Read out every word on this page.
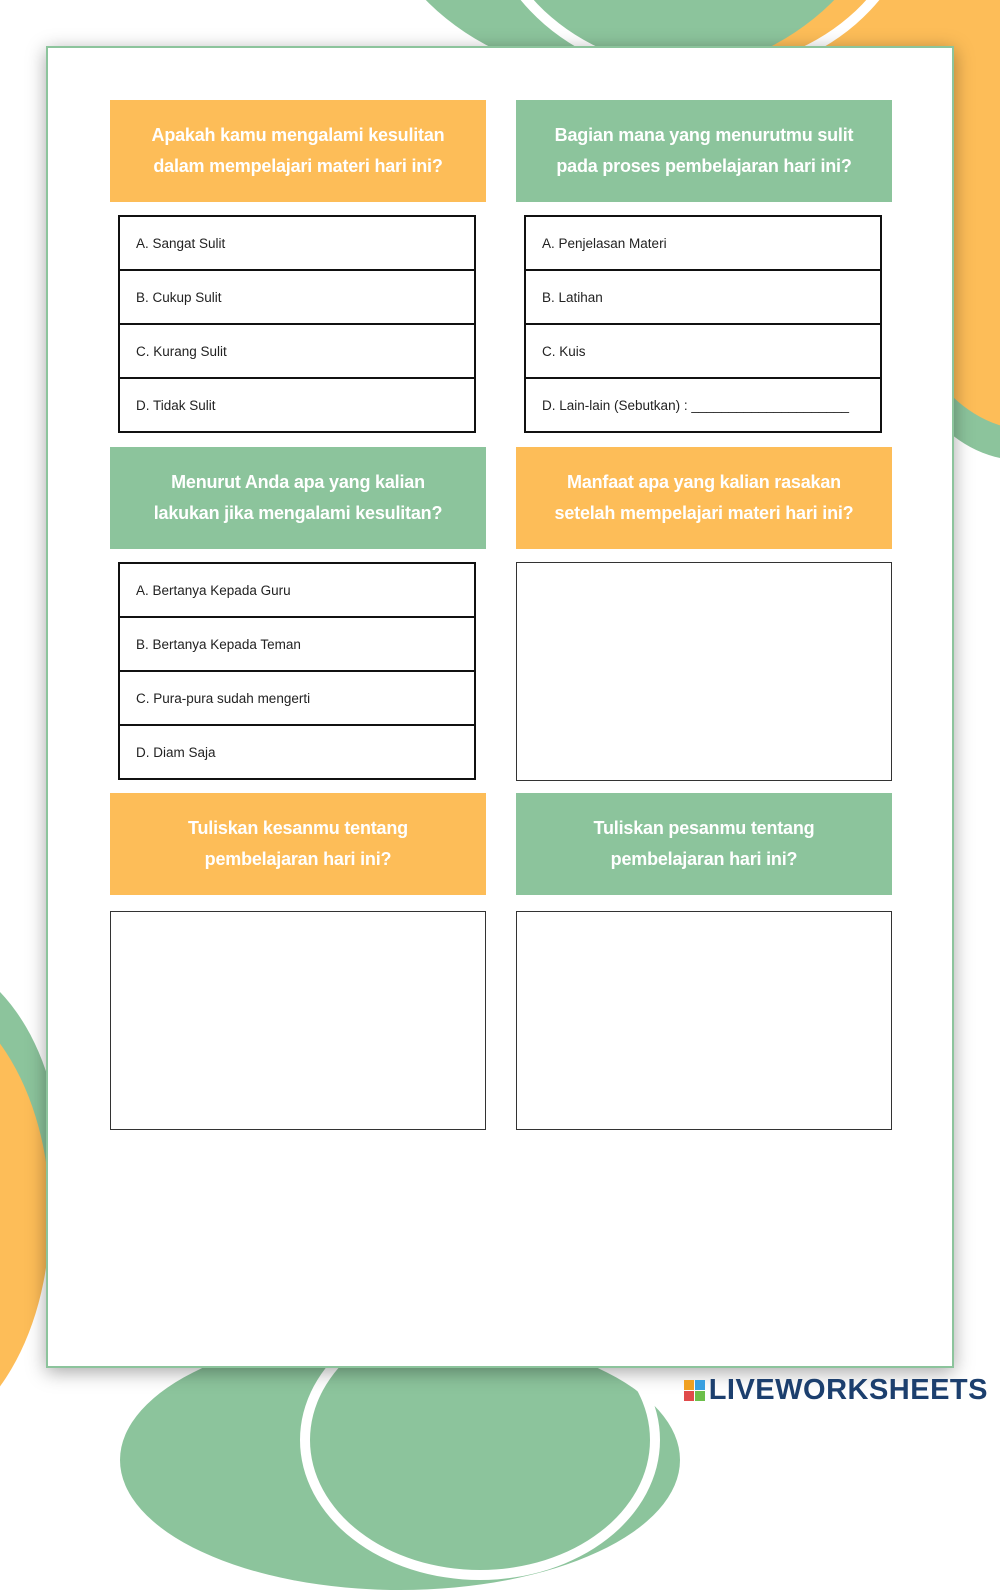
Apakah kamu mengalami kesulitan dalam mempelajari materi hari ini?
A. Sangat Sulit
B. Cukup Sulit
C. Kurang Sulit
D. Tidak Sulit
Bagian mana yang menurutmu sulit pada proses pembelajaran hari ini?
A. Penjelasan Materi
B. Latihan
C. Kuis
D. Lain-lain (Sebutkan) : _____________________
Menurut Anda apa yang kalian lakukan jika mengalami kesulitan?
A. Bertanya Kepada Guru
B. Bertanya Kepada Teman
C. Pura-pura sudah mengerti
D. Diam Saja
Manfaat apa yang kalian rasakan setelah mempelajari materi hari ini?
Tuliskan kesanmu tentang pembelajaran hari ini?
Tuliskan pesanmu tentang pembelajaran hari ini?
LIVEWORKSHEETS
